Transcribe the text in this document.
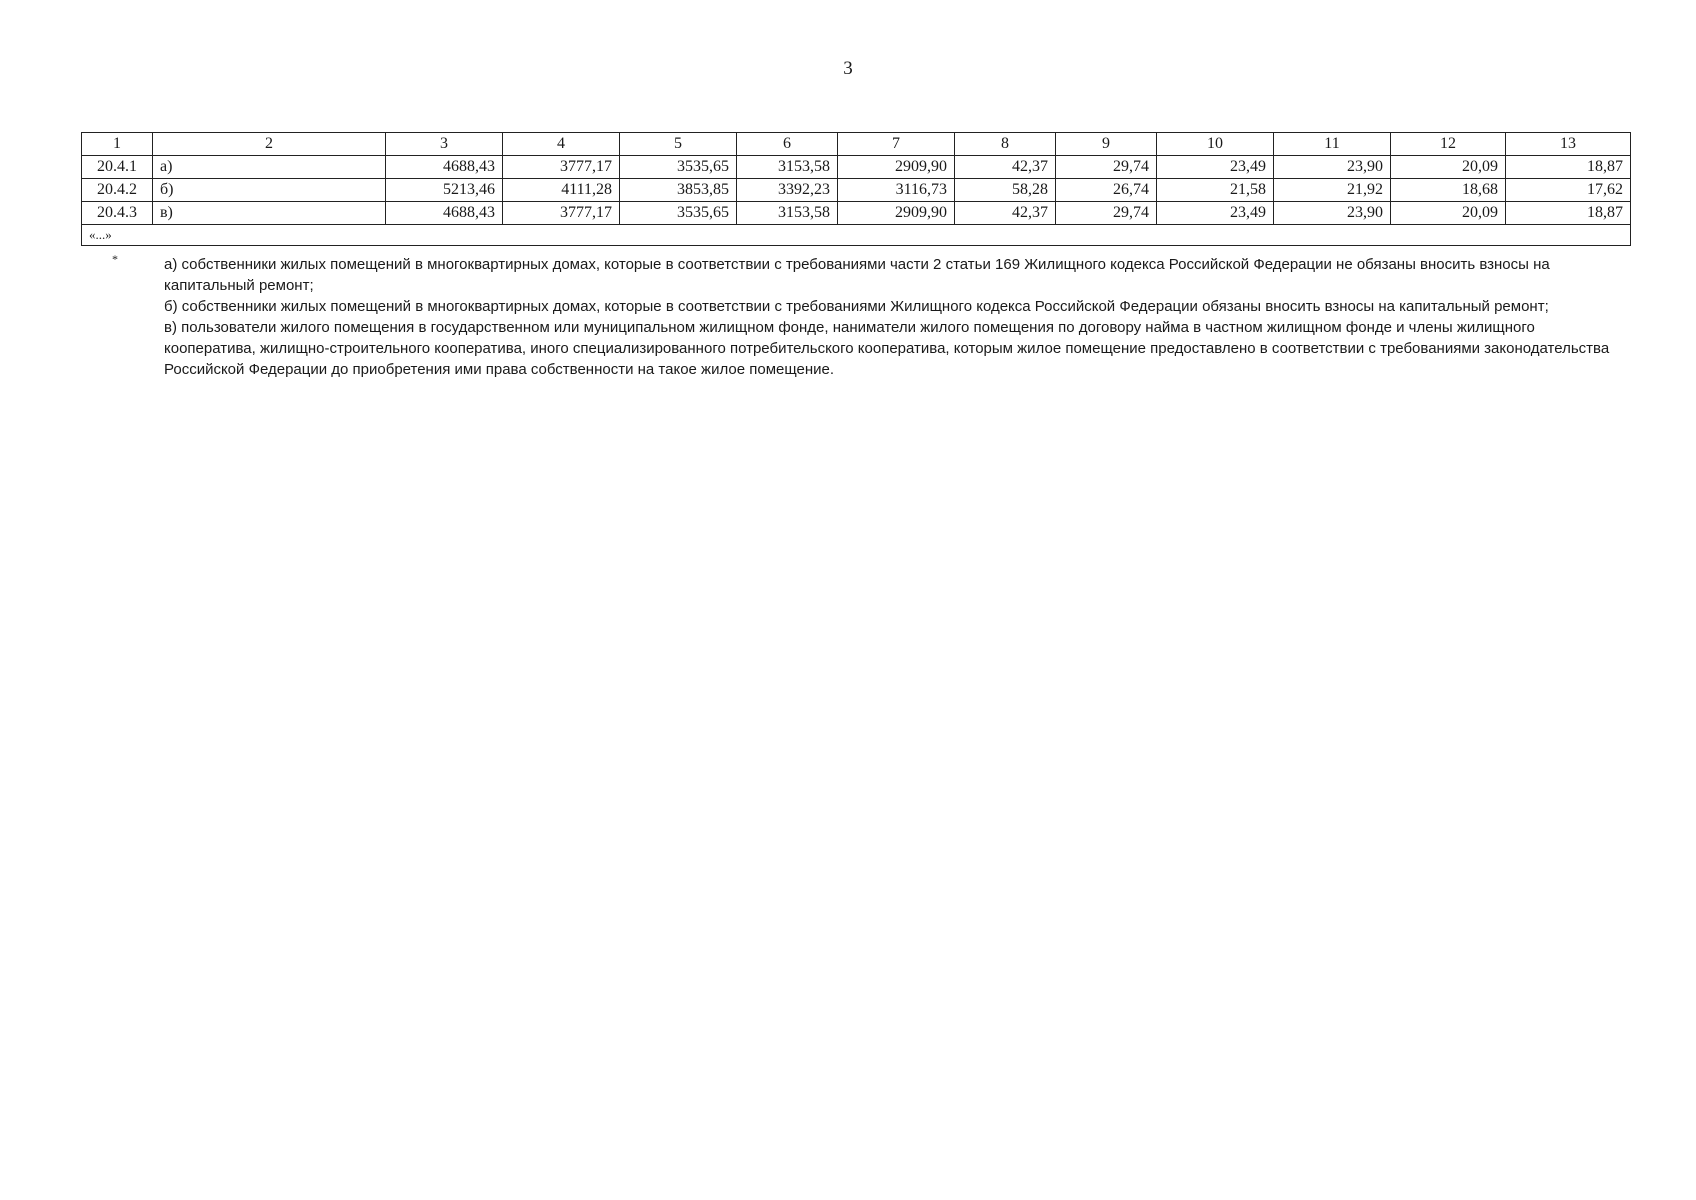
3
1	2	3	4	5	6	7	8	9	10	11	12	13
20.4.1	а)	4688,43	3777,17	3535,65	3153,58	2909,90	42,37	29,74	23,49	23,90	20,09	18,87
20.4.2	б)	5213,46	4111,28	3853,85	3392,23	3116,73	58,28	26,74	21,58	21,92	18,68	17,62
20.4.3	в)	4688,43	3777,17	3535,65	3153,58	2909,90	42,37	29,74	23,49	23,90	20,09	18,87
«...»												
*	а) собственники жилых помещений в многоквартирных домах, которые в соответствии с требованиями части 2 статьи 169 Жилищного кодекса Российской Федерации не обязаны вносить взносы на капитальный ремонт;

б) собственники жилых помещений в многоквартирных домах, которые в соответствии с требованиями Жилищного кодекса Российской Федерации обязаны вносить взносы на капитальный ремонт;

в) пользователи жилого помещения в государственном или муниципальном жилищном фонде, наниматели жилого помещения по договору найма в частном жилищном фонде и члены жилищного кооператива, жилищно-строительного кооператива, иного специализированного потребительского кооператива, которым жилое помещение предоставлено в соответствии с требованиями законодательства Российской Федерации до приобретения ими права собственности на такое жилое помещение.
